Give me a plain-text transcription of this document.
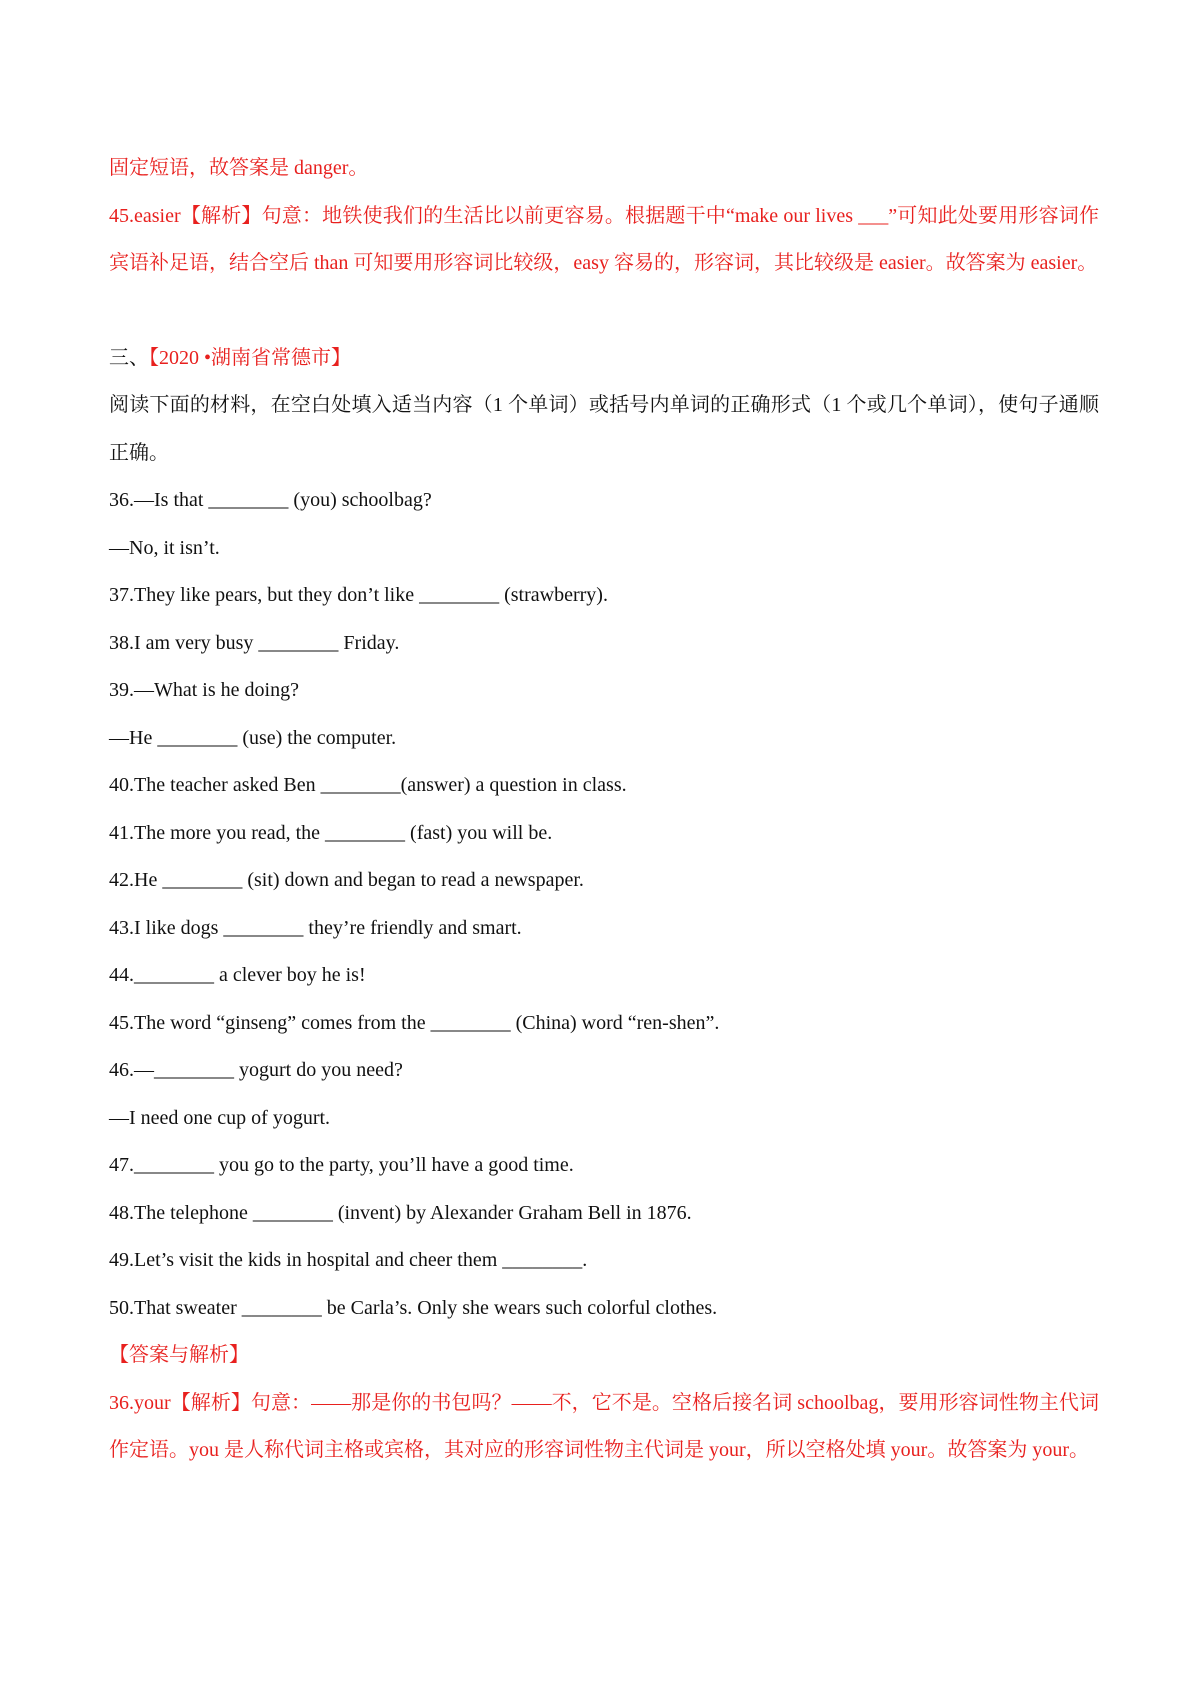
固定短语，故答案是 danger。
45.easier【解析】句意：地铁使我们的生活比以前更容易。根据题干中“make our lives ___”可知此处要用形容词作宾语补足语，结合空后 than 可知要用形容词比较级，easy 容易的，形容词，其比较级是 easier。故答案为 easier。
三、【2020 •湖南省常德市】
阅读下面的材料，在空白处填入适当内容（1 个单词）或括号内单词的正确形式（1 个或几个单词），使句子通顺正确。
36.—Is that ________ (you) schoolbag?
—No, it isn’t.
37.They like pears, but they don’t like ________ (strawberry).
38.I am very busy ________ Friday.
39.—What is he doing?
—He ________ (use) the computer.
40.The teacher asked Ben ________(answer) a question in class.
41.The more you read, the ________ (fast) you will be.
42.He ________ (sit) down and began to read a newspaper.
43.I like dogs ________ they’re friendly and smart.
44.________ a clever boy he is!
45.The word “ginseng” comes from the ________ (China) word “ren-shen”.
46.—________ yogurt do you need?
—I need one cup of yogurt.
47.________ you go to the party, you’ll have a good time.
48.The telephone ________ (invent) by Alexander Graham Bell in 1876.
49.Let’s visit the kids in hospital and cheer them ________.
50.That sweater ________ be Carla’s. Only she wears such colorful clothes.
【答案与解析】
36.your【解析】句意：——那是你的书包吗？——不，它不是。空格后接名词 schoolbag，要用形容词性物主代词作定语。you 是人称代词主格或宾格，其对应的形容词性物主代词是 your，所以空格处填 your。故答案为 your。
